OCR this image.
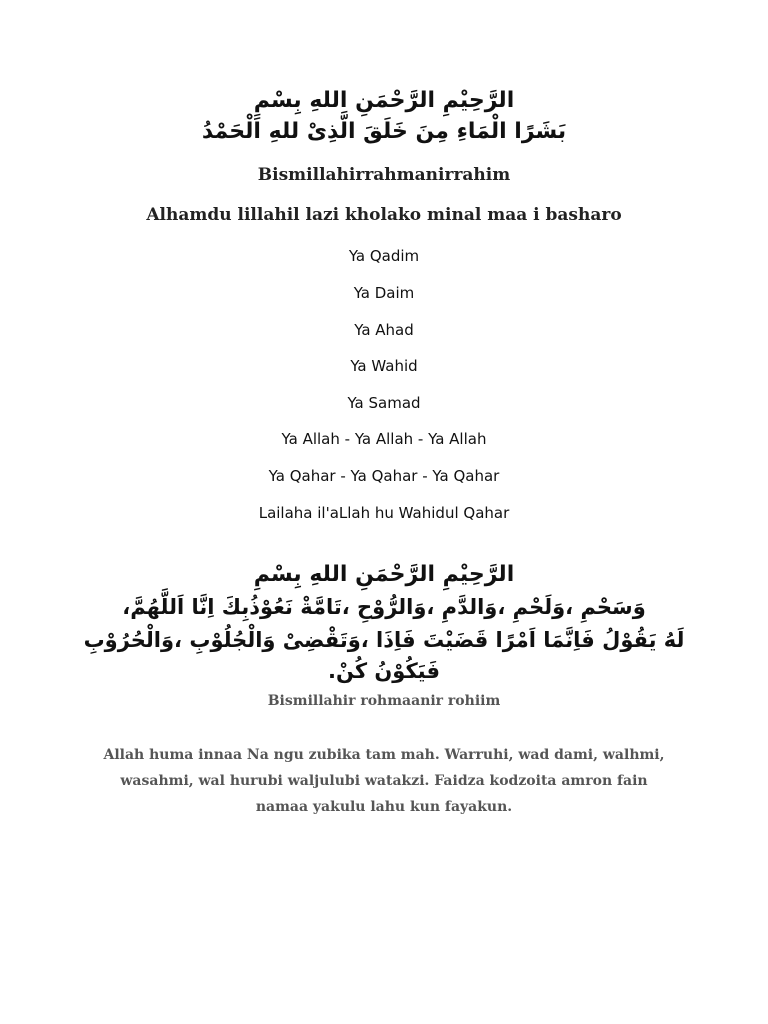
الرَّحِيْمِ الرَّحْمَنِ اللهِ بِسْمِ

بَشَرًا الْمَاءِ مِنَ خَلَقَ الَّذِىْ للهِ اَلْحَمْدُ

Bismillahirrahmanirrahim

Alhamdu lillahil lazi kholako minal maa i basharo

Ya Qadim

Ya Daim

Ya Ahad

Ya Wahid

Ya Samad

Ya Allah - Ya Allah - Ya Allah

Ya Qahar - Ya Qahar - Ya Qahar

Lailaha il'aLlah hu Wahidul Qahar

الرَّحِيْمِ الرَّحْمَنِ اللهِ بِسْمِ

وَسَحْمِ ،وَلَحْمِ ،وَالدَّمِ ،وَالرُّوْحِ ،تَامَّةْ نَعُوْذُبِكَ اِنَّا اَللَّهُمَّ،

لَهُ يَقُوْلُ فَاِنَّمَا اَمْرًا قَضَيْتَ فَاِذَا ،وَتَقْضِىْ وَالْجُلُوْبِ ،وَالْحُرُوْبِ

فَيَكُوْنُ كُنْ.

Bismillahir rohmaanir rohiim

Allah huma innaa Na ngu zubika tam mah. Warruhi, wad dami, walhmi,

wasahmi, wal hurubi waljulubi watakzi. Faidza kodzoita amron fain

namaa yakulu lahu kun fayakun.
